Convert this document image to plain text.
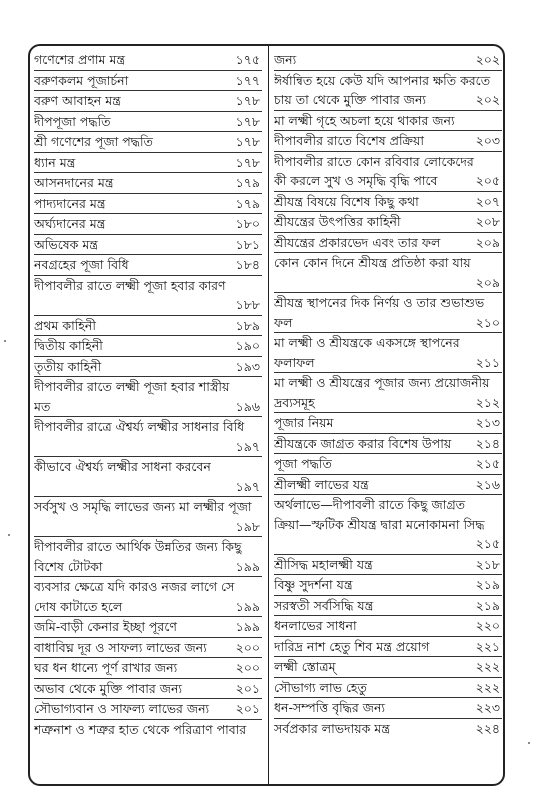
গণেশের প্রণাম মন্ত্র	১৭৫
বরুণকলম পূজার্চনা	১৭৭
বরুণ আবাহন মন্ত্র	১৭৮
দীপপূজা পদ্ধতি	১৭৮
শ্রী গণেশের পূজা পদ্ধতি	১৭৮
ধ্যান মন্ত্র	১৭৮
আসনদানের মন্ত্র	১৭৯
পাদ্যদানের মন্ত্র	১৭৯
অর্ঘ্যদানের মন্ত্র	১৮০
অভিষেক মন্ত্র	১৮১
নবগ্রহের পূজা বিধি	১৮৪
দীপাবলীর রাতে লক্ষ্মী পূজা হবার কারণ
১৮৮
প্রথম কাহিনী	১৮৯
দ্বিতীয় কাহিনী	১৯০
তৃতীয় কাহিনী	১৯৩
দীপাবলীর রাতে লক্ষ্মী পূজা হবার শাস্ত্রীয়
মত	১৯৬
দীপাবলীর রাত্রে ঐশ্বর্য্য লক্ষ্মীর সাধনার বিধি
১৯৭
কীভাবে ঐশ্বর্য্য লক্ষ্মীর সাধনা করবেন
১৯৭
সর্বসুখ ও সমৃদ্ধি লাভের জন্য মা লক্ষ্মীর পূজা
১৯৮
দীপাবলীর রাতে আর্থিক উন্নতির জন্য কিছু
বিশেষ টোটকা	১৯৯
ব্যবসার ক্ষেত্রে যদি কারও নজর লাগে সে
দোষ কাটাতে হলে	১৯৯
জমি-বাড়ী কেনার ইচ্ছা পূরণে	১৯৯
বাধাবিঘ্ন দূর ও সাফল্য লাভের জন্য	২০০
ঘর ধন ধান্যে পূর্ণ রাখার জন্য	২০০
অভাব থেকে মুক্তি পাবার জন্য	২০১
সৌভাগ্যবান ও সাফল্য লাভের জন্য	২০১
শত্রুনাশ ও শত্রুর হাত থেকে পরিত্রাণ পাবার
জন্য	২০২
ঈর্ষান্বিত হয়ে কেউ যদি আপনার ক্ষতি করতে
চায় তা থেকে মুক্তি পাবার জন্য	২০২
মা লক্ষ্মী গৃহে অচলা হয়ে থাকার জন্য
দীপাবলীর রাতে বিশেষ প্রক্রিয়া	২০৩
দীপাবলীর রাতে কোন রবিবার লোকেদের
কী করলে সুখ ও সমৃদ্ধি বৃদ্ধি পাবে	২০৫
শ্রীযন্ত্র বিষয়ে বিশেষ কিছু কথা	২০৭
শ্রীযন্ত্রের উৎপত্তির কাহিনী	২০৮
শ্রীযন্ত্রের প্রকারভেদ এবং তার ফল	২০৯
কোন কোন দিনে শ্রীযন্ত্র প্রতিষ্ঠা করা যায়
২০৯
শ্রীযন্ত্র স্থাপনের দিক নির্ণয় ও তার শুভাশুভ
ফল	২১০
মা লক্ষ্মী ও শ্রীযন্ত্রকে একসঙ্গে স্থাপনের
ফলাফল	২১১
মা লক্ষ্মী ও শ্রীযন্ত্রের পূজার জন্য প্রয়োজনীয়
দ্রব্যসমূহ	২১২
পূজার নিয়ম	২১৩
শ্রীযন্ত্রকে জাগ্রত করার বিশেষ উপায়	২১৪
পূজা পদ্ধতি	২১৫
শ্রীলক্ষ্মী লাভের যন্ত্র	২১৬
অর্থলাভে—দীপাবলী রাতে কিছু জাগ্রত
ক্রিয়া—স্ফটিক শ্রীযন্ত্র দ্বারা মনোকামনা সিদ্ধ
২১৫
শ্রীসিদ্ধ মহালক্ষ্মী যন্ত্র	২১৮
বিষ্ণু সুদর্শনা যন্ত্র	২১৯
সরস্বতী সর্বসিদ্ধি যন্ত্র	২১৯
ধনলাভের সাধনা	২২০
দারিদ্র নাশ হেতু শিব মন্ত্র প্রয়োগ	২২১
লক্ষ্মী স্তোত্রম্	২২২
সৌভাগ্য লাভ হেতু	২২২
ধন-সম্পত্তি বৃদ্ধির জন্য	২২৩
সর্বপ্রকার লাভদায়ক মন্ত্র	২২৪
